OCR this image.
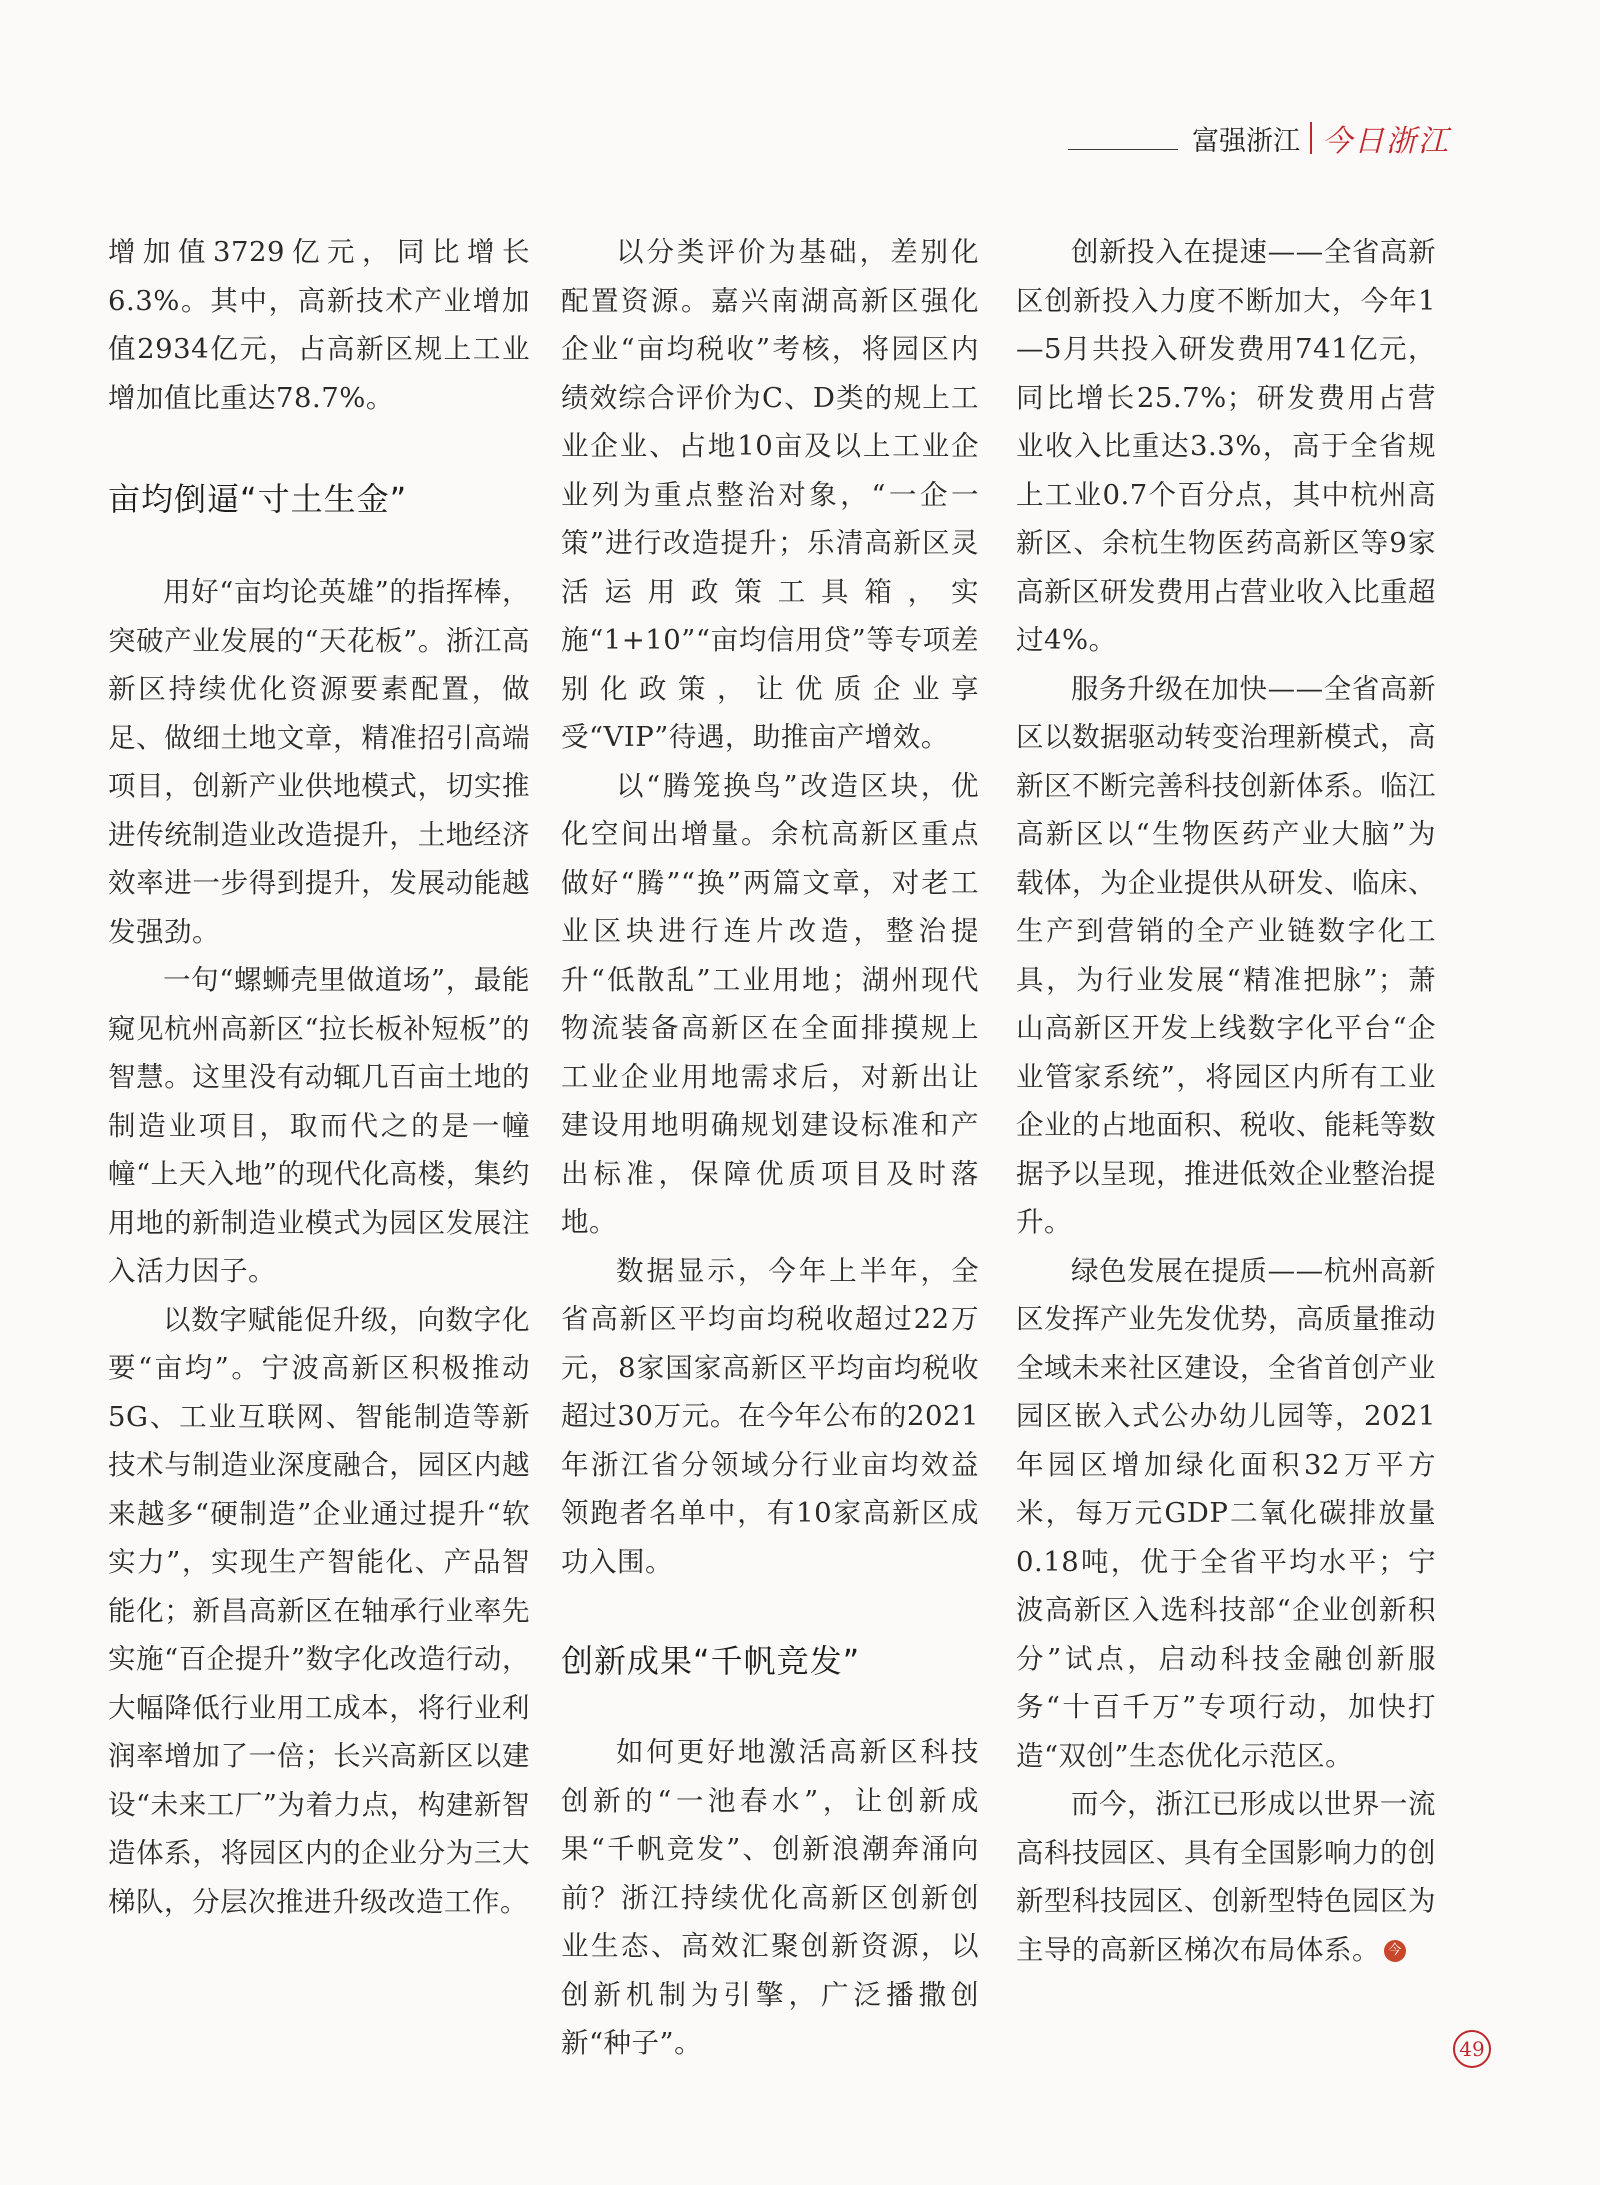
富强浙江 今日浙江

增加值3729亿元，同比增长6.3%。其中，高新技术产业增加值2934亿元，占高新区规上工业增加值比重达78.7%。

亩均倒逼“寸土生金”

用好“亩均论英雄”的指挥棒，突破产业发展的“天花板”。浙江高新区持续优化资源要素配置，做足、做细土地文章，精准招引高端项目，创新产业供地模式，切实推进传统制造业改造提升，土地经济效率进一步得到提升，发展动能越发强劲。

一句“螺蛳壳里做道场”，最能窥见杭州高新区“拉长板补短板”的智慧。这里没有动辄几百亩土地的制造业项目，取而代之的是一幢幢“上天入地”的现代化高楼，集约用地的新制造业模式为园区发展注入活力因子。

以数字赋能促升级，向数字化要“亩均”。宁波高新区积极推动5G、工业互联网、智能制造等新技术与制造业深度融合，园区内越来越多“硬制造”企业通过提升“软实力”，实现生产智能化、产品智能化；新昌高新区在轴承行业率先实施“百企提升”数字化改造行动，大幅降低行业用工成本，将行业利润率增加了一倍；长兴高新区以建设“未来工厂”为着力点，构建新智造体系，将园区内的企业分为三大梯队，分层次推进升级改造工作。

以分类评价为基础，差别化配置资源。嘉兴南湖高新区强化企业“亩均税收”考核，将园区内绩效综合评价为C、D类的规上工业企业、占地10亩及以上工业企业列为重点整治对象，“一企一策”进行改造提升；乐清高新区灵活运用政策工具箱，实施“1+10”“亩均信用贷”等专项差别化政策，让优质企业享受“VIP”待遇，助推亩产增效。

以“腾笼换鸟”改造区块，优化空间出增量。余杭高新区重点做好“腾”“换”两篇文章，对老工业区块进行连片改造，整治提升“低散乱”工业用地；湖州现代物流装备高新区在全面排摸规上工业企业用地需求后，对新出让建设用地明确规划建设标准和产出标准，保障优质项目及时落地。

数据显示，今年上半年，全省高新区平均亩均税收超过22万元，8家国家高新区平均亩均税收超过30万元。在今年公布的2021年浙江省分领域分行业亩均效益领跑者名单中，有10家高新区成功入围。

创新成果“千帆竞发”

如何更好地激活高新区科技创新的“一池春水”，让创新成果“千帆竞发”、创新浪潮奔涌向前？浙江持续优化高新区创新创业生态、高效汇聚创新资源，以创新机制为引擎，广泛播撒创新“种子”。

创新投入在提速——全省高新区创新投入力度不断加大，今年1—5月共投入研发费用741亿元，同比增长25.7%；研发费用占营业收入比重达3.3%，高于全省规上工业0.7个百分点，其中杭州高新区、余杭生物医药高新区等9家高新区研发费用占营业收入比重超过4%。

服务升级在加快——全省高新区以数据驱动转变治理新模式，高新区不断完善科技创新体系。临江高新区以“生物医药产业大脑”为载体，为企业提供从研发、临床、生产到营销的全产业链数字化工具，为行业发展“精准把脉”；萧山高新区开发上线数字化平台“企业管家系统”，将园区内所有工业企业的占地面积、税收、能耗等数据予以呈现，推进低效企业整治提升。

绿色发展在提质——杭州高新区发挥产业先发优势，高质量推动全域未来社区建设，全省首创产业园区嵌入式公办幼儿园等，2021年园区增加绿化面积32万平方米，每万元GDP二氧化碳排放量0.18吨，优于全省平均水平；宁波高新区入选科技部“企业创新积分”试点，启动科技金融创新服务“十百千万”专项行动，加快打造“双创”生态优化示范区。

而今，浙江已形成以世界一流高科技园区、具有全国影响力的创新型科技园区、创新型特色园区为主导的高新区梯次布局体系。 今

49
